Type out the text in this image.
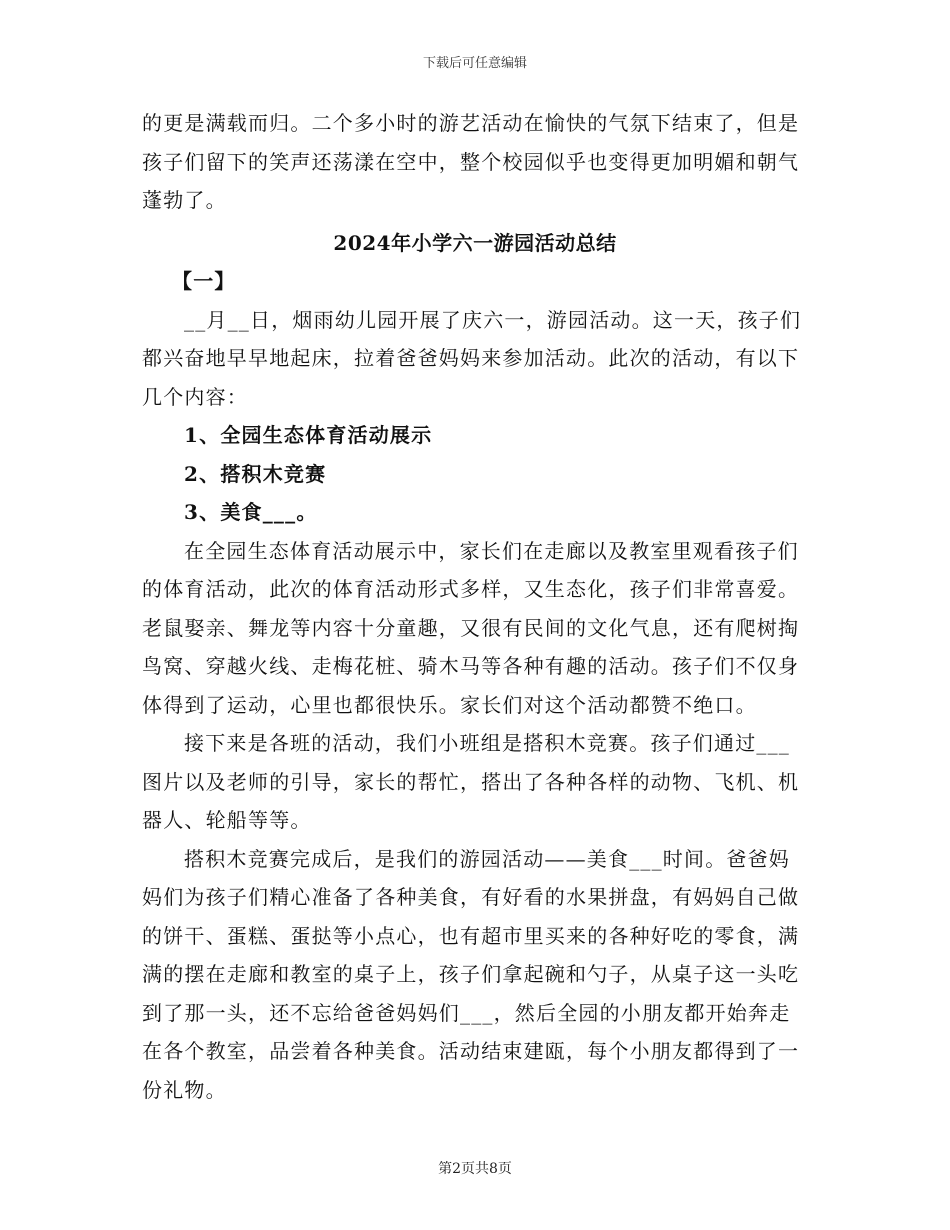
下载后可任意编辑

的更是满载而归。二个多小时的游艺活动在愉快的气氛下结束了，但是孩子们留下的笑声还荡漾在空中，整个校园似乎也变得更加明媚和朝气蓬勃了。

2024年小学六一游园活动总结

【一】

__月__日，烟雨幼儿园开展了庆六一，游园活动。这一天，孩子们都兴奋地早早地起床，拉着爸爸妈妈来参加活动。此次的活动，有以下几个内容：

1、全园生态体育活动展示

2、搭积木竞赛

3、美食___。

在全园生态体育活动展示中，家长们在走廊以及教室里观看孩子们的体育活动，此次的体育活动形式多样，又生态化，孩子们非常喜爱。老鼠娶亲、舞龙等内容十分童趣，又很有民间的文化气息，还有爬树掏鸟窝、穿越火线、走梅花桩、骑木马等各种有趣的活动。孩子们不仅身体得到了运动，心里也都很快乐。家长们对这个活动都赞不绝口。

接下来是各班的活动，我们小班组是搭积木竞赛。孩子们通过___图片以及老师的引导，家长的帮忙，搭出了各种各样的动物、飞机、机器人、轮船等等。

搭积木竞赛完成后，是我们的游园活动——美食___时间。爸爸妈妈们为孩子们精心准备了各种美食，有好看的水果拼盘，有妈妈自己做的饼干、蛋糕、蛋挞等小点心，也有超市里买来的各种好吃的零食，满满的摆在走廊和教室的桌子上，孩子们拿起碗和勺子，从桌子这一头吃到了那一头，还不忘给爸爸妈妈们___，然后全园的小朋友都开始奔走在各个教室，品尝着各种美食。活动结束建瓯，每个小朋友都得到了一份礼物。

第2页共8页
